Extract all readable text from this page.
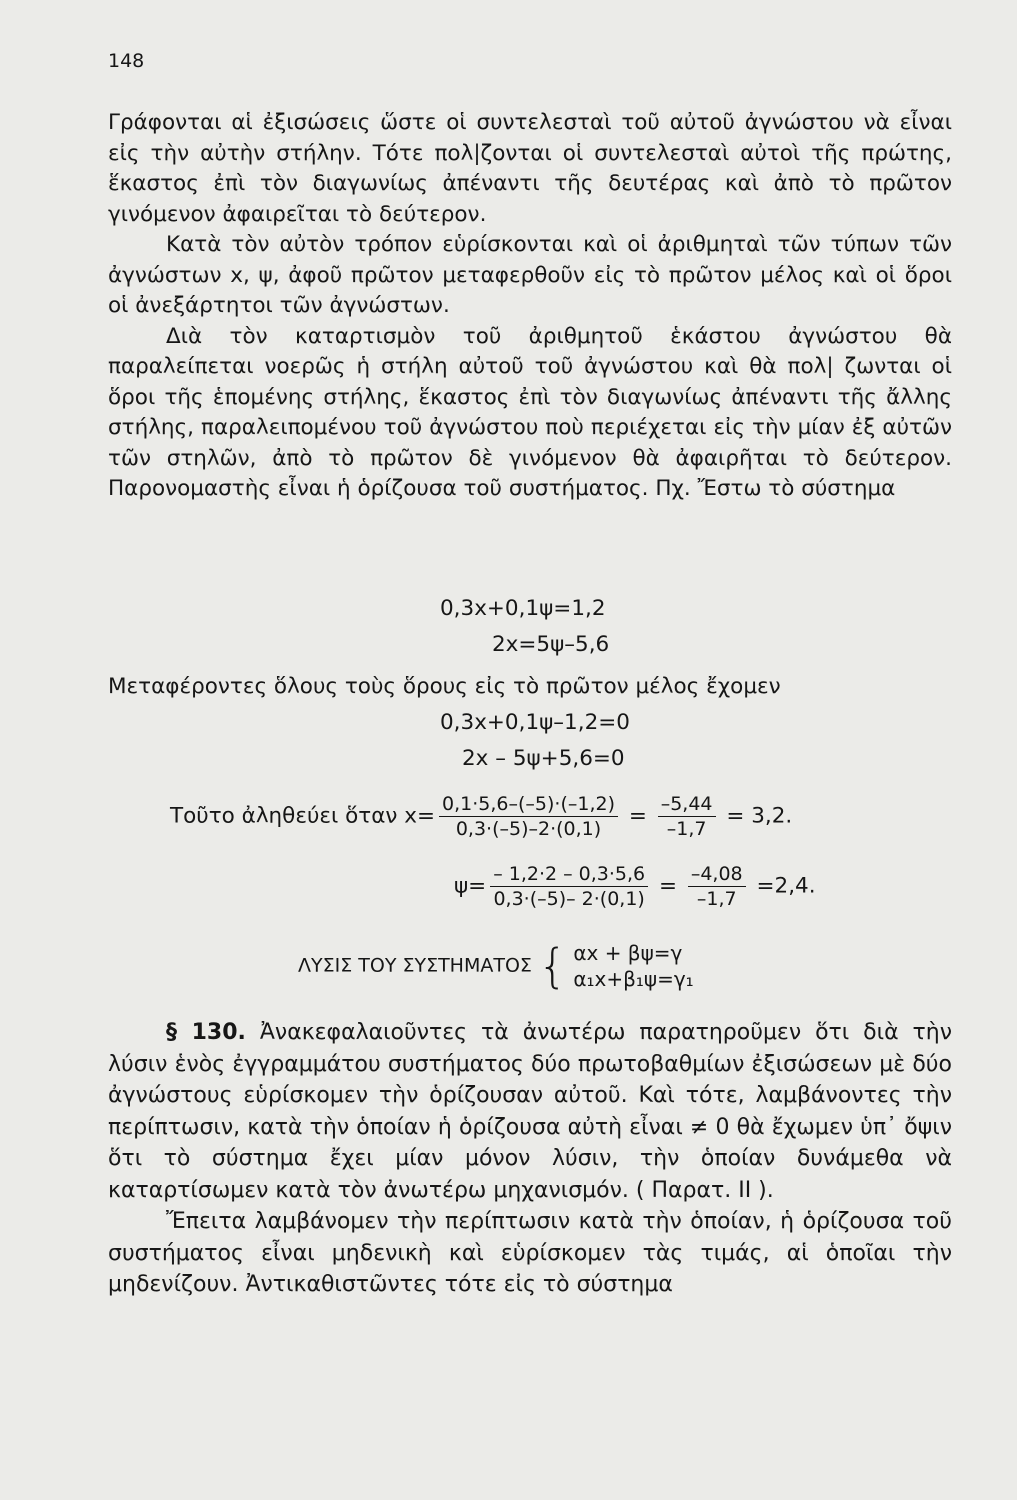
148

Γράφονται αἱ ἐξισώσεις ὥστε οἱ συντελεσταὶ τοῦ αὐτοῦ ἀγνώστου νὰ εἶναι εἰς τὴν αὐτὴν στήλην. Τότε πολ|ζονται οἱ συντελεσταὶ αὐτοὶ τῆς πρώτης, ἕκαστος ἐπὶ τὸν διαγωνίως ἀπέναντι τῆς δευτέρας καὶ ἀπὸ τὸ πρῶτον γινόμενον ἀφαιρεῖται τὸ δεύτερον.

Κατὰ τὸν αὐτὸν τρόπον εὑρίσκονται καὶ οἱ ἀριθμηταὶ τῶν τύπων τῶν ἀγνώστων x, ψ, ἀφοῦ πρῶτον μεταφερθοῦν εἰς τὸ πρῶτον μέλος καὶ οἱ ὅροι οἱ ἀνεξάρτητοι τῶν ἀγνώστων.

Διὰ τὸν καταρτισμὸν τοῦ ἀριθμητοῦ ἑκάστου ἀγνώστου θὰ παραλείπεται νοερῶς ἡ στήλη αὐτοῦ τοῦ ἀγνώστου καὶ θὰ πολ| ζωνται οἱ ὅροι τῆς ἑπομένης στήλης, ἕκαστος ἐπὶ τὸν διαγωνίως ἀπέναντι τῆς ἄλλης στήλης, παραλειπομένου τοῦ ἀγνώστου ποὺ περιέχεται εἰς τὴν μίαν ἐξ αὐτῶν τῶν στηλῶν, ἀπὸ τὸ πρῶτον δὲ γινόμενον θὰ ἀφαιρῆται τὸ δεύτερον. Παρονομαστὴς εἶναι ἡ ὁρίζουσα τοῦ συστήματος. Πχ. Ἔστω τὸ σύστημα

0,3x+0,1ψ=1,2
2x=5ψ–5,6

Μεταφέροντες ὅλους τοὺς ὅρους εἰς τὸ πρῶτον μέλος ἔχομεν

0,3x+0,1ψ–1,2=0
2x – 5ψ+5,6=0
Τοῦτο ἀληθεύει ὅταν $x= \frac{0,1\cdot 5,6-(-5)\cdot(-1,2)}{0,3\cdot(-5)-2\cdot(0,1)} = \frac{-5,44}{-1,7} = 3,2$.
$\psi= \frac{- 1,2\cdot 2 - 0,3\cdot 5,6}{0,3\cdot(-5)- 2\cdot(0,1)} = \frac{-4,08}{-1,7} =2,4$.
ΛΥΣΙΣ ΤΟΥ ΣΥΣΤΗΜΑΤΟΣ { αx + βψ=γ
α₁x+β₁ψ=γ₁

§ 130. Ἀνακεφαλαιοῦντες τὰ ἀνωτέρω παρατηροῦμεν ὅτι διὰ τὴν λύσιν ἑνὸς ἐγγραμμάτου συστήματος δύο πρωτοβαθμίων ἐξισώσεων μὲ δύο ἀγνώστους εὑρίσκομεν τὴν ὁρίζουσαν αὐτοῦ. Καὶ τότε, λαμβάνοντες τὴν περίπτωσιν, κατὰ τὴν ὁποίαν ἡ ὁρίζουσα αὐτὴ εἶναι ≠ 0 θὰ ἔχωμεν ὑπ᾽ ὄψιν ὅτι τὸ σύστημα ἔχει μίαν μόνον λύσιν, τὴν ὁποίαν δυνάμεθα νὰ καταρτίσωμεν κατὰ τὸν ἀνωτέρω μηχανισμόν. ( Παρατ. II ).

Ἔπειτα λαμβάνομεν τὴν περίπτωσιν κατὰ τὴν ὁποίαν, ἡ ὁρίζουσα τοῦ συστήματος εἶναι μηδενικὴ καὶ εὑρίσκομεν τὰς τιμάς, αἱ ὁποῖαι τὴν μηδενίζουν. Ἀντικαθιστῶντες τότε εἰς τὸ σύστημα
